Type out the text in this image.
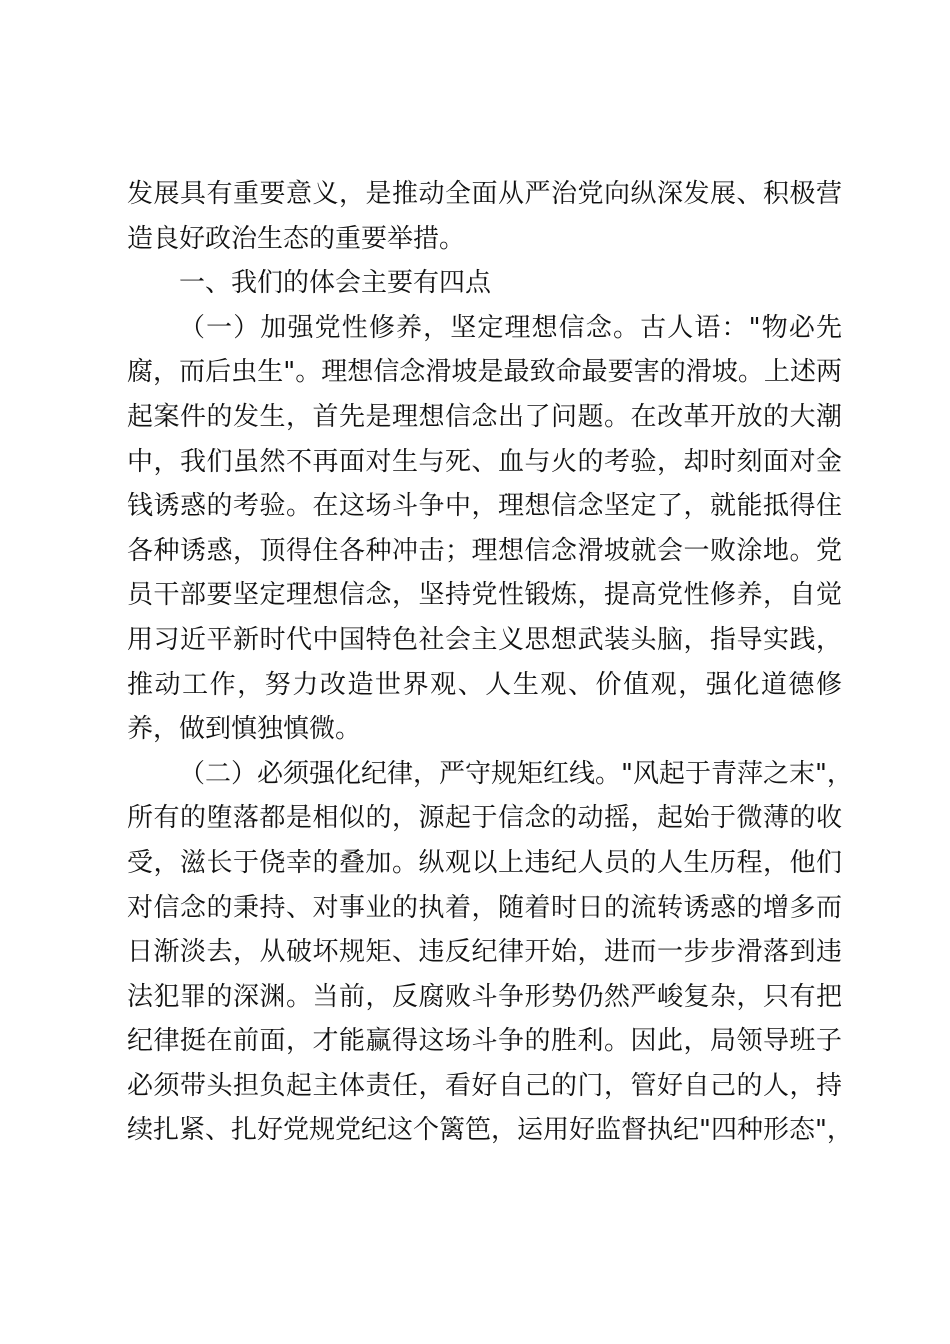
发展具有重要意义，是推动全面从严治党向纵深发展、积极营
造良好政治生态的重要举措。
一、我们的体会主要有四点
（一）加强党性修养，坚定理想信念。古人语："物必先
腐，而后虫生"。理想信念滑坡是最致命最要害的滑坡。上述两
起案件的发生，首先是理想信念出了问题。在改革开放的大潮
中，我们虽然不再面对生与死、血与火的考验，却时刻面对金
钱诱惑的考验。在这场斗争中，理想信念坚定了，就能抵得住
各种诱惑，顶得住各种冲击；理想信念滑坡就会一败涂地。党
员干部要坚定理想信念，坚持党性锻炼，提高党性修养，自觉
用习近平新时代中国特色社会主义思想武装头脑，指导实践，
推动工作，努力改造世界观、人生观、价值观，强化道德修
养，做到慎独慎微。
（二）必须强化纪律，严守规矩红线。"风起于青萍之末"，
所有的堕落都是相似的，源起于信念的动摇，起始于微薄的收
受，滋长于侥幸的叠加。纵观以上违纪人员的人生历程，他们
对信念的秉持、对事业的执着，随着时日的流转诱惑的增多而
日渐淡去，从破坏规矩、违反纪律开始，进而一步步滑落到违
法犯罪的深渊。当前，反腐败斗争形势仍然严峻复杂，只有把
纪律挺在前面，才能赢得这场斗争的胜利。因此，局领导班子
必须带头担负起主体责任，看好自己的门，管好自己的人，持
续扎紧、扎好党规党纪这个篱笆，运用好监督执纪"四种形态"，
